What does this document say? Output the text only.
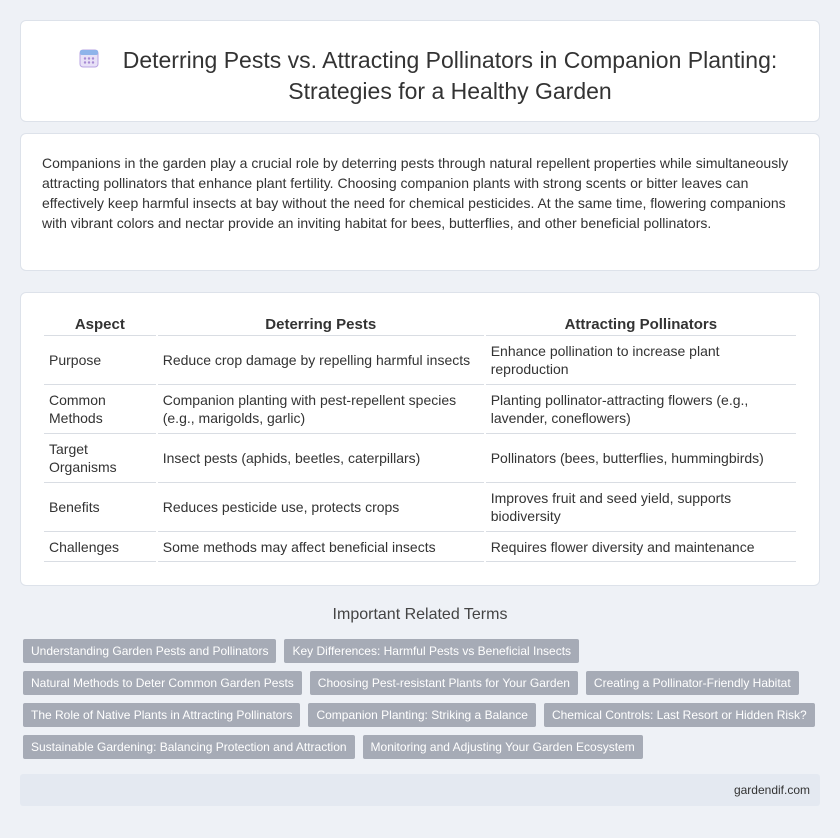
Deterring Pests vs. Attracting Pollinators in Companion Planting: Strategies for a Healthy Garden

Companions in the garden play a crucial role by deterring pests through natural repellent properties while simultaneously attracting pollinators that enhance plant fertility. Choosing companion plants with strong scents or bitter leaves can effectively keep harmful insects at bay without the need for chemical pesticides. At the same time, flowering companions with vibrant colors and nectar provide an inviting habitat for bees, butterflies, and other beneficial pollinators.

Aspect	Deterring Pests	Attracting Pollinators
Purpose	Reduce crop damage by repelling harmful insects	Enhance pollination to increase plant reproduction
Common Methods	Companion planting with pest-repellent species (e.g., marigolds, garlic)	Planting pollinator-attracting flowers (e.g., lavender, coneflowers)
Target Organisms	Insect pests (aphids, beetles, caterpillars)	Pollinators (bees, butterflies, hummingbirds)
Benefits	Reduces pesticide use, protects crops	Improves fruit and seed yield, supports biodiversity
Challenges	Some methods may affect beneficial insects	Requires flower diversity and maintenance
Important Related Terms
Understanding Garden Pests and Pollinators	Key Differences: Harmful Pests vs Beneficial Insects
Natural Methods to Deter Common Garden Pests	Choosing Pest-resistant Plants for Your Garden	Creating a Pollinator-Friendly Habitat
The Role of Native Plants in Attracting Pollinators	Companion Planting: Striking a Balance	Chemical Controls: Last Resort or Hidden Risk?
Sustainable Gardening: Balancing Protection and Attraction	Monitoring and Adjusting Your Garden Ecosystem
gardendif.com
